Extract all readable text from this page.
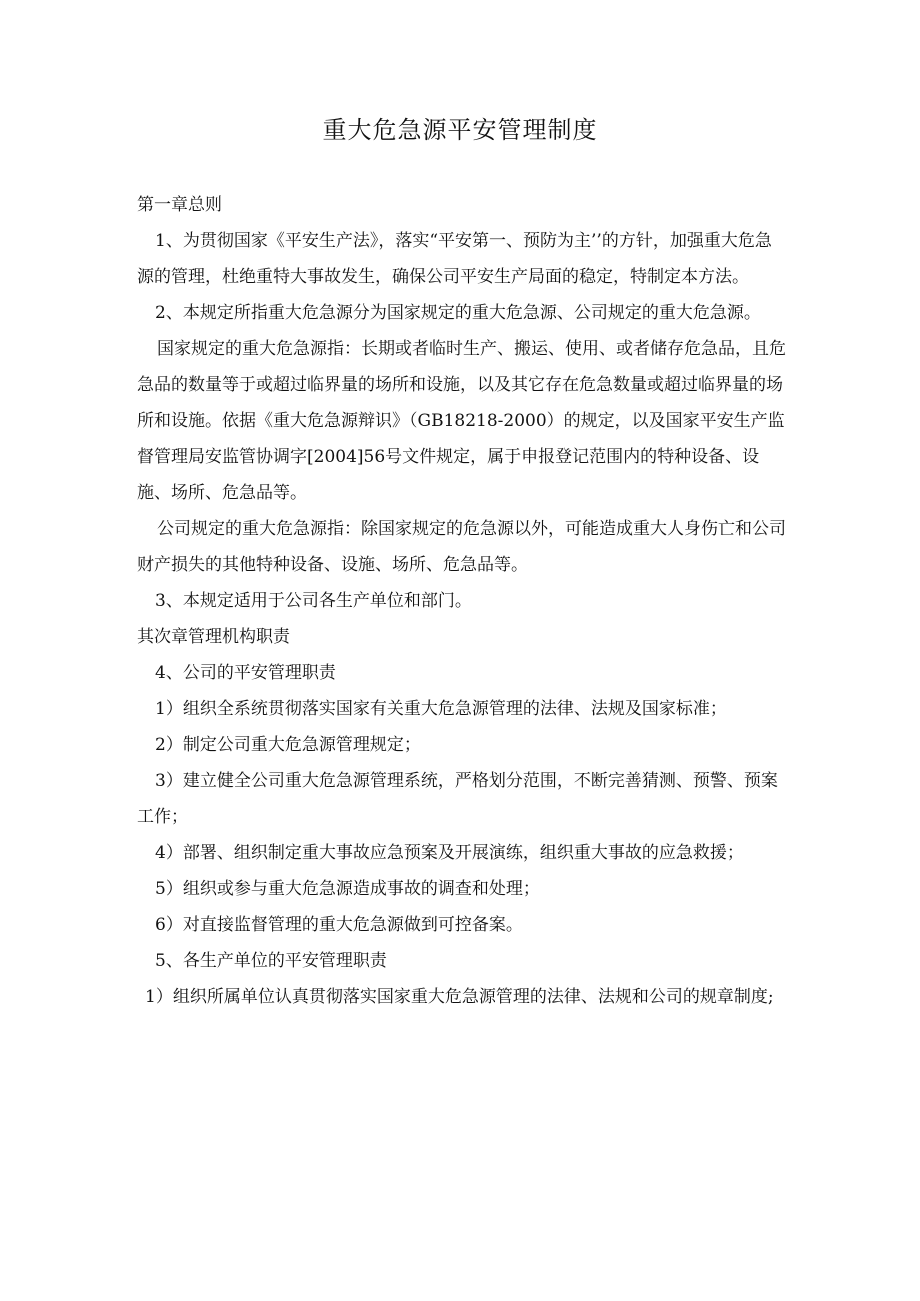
重大危急源平安管理制度

第一章总则

1、为贯彻国家《平安生产法》，落实“平安第一、预防为主’’的方针，加强重大危急源的管理，杜绝重特大事故发生，确保公司平安生产局面的稳定，特制定本方法。

2、本规定所指重大危急源分为国家规定的重大危急源、公司规定的重大危急源。

国家规定的重大危急源指：长期或者临时生产、搬运、使用、或者储存危急品，且危急品的数量等于或超过临界量的场所和设施，以及其它存在危急数量或超过临界量的场所和设施。依据《重大危急源辩识》（GB18218-2000）的规定，以及国家平安生产监督管理局安监管协调字[2004]56号文件规定，属于申报登记范围内的特种设备、设施、场所、危急品等。

公司规定的重大危急源指：除国家规定的危急源以外，可能造成重大人身伤亡和公司财产损失的其他特种设备、设施、场所、危急品等。

3、本规定适用于公司各生产单位和部门。

其次章管理机构职责

4、公司的平安管理职责

1）组织全系统贯彻落实国家有关重大危急源管理的法律、法规及国家标准；

2）制定公司重大危急源管理规定；

3）建立健全公司重大危急源管理系统，严格划分范围，不断完善猜测、预警、预案工作；

4）部署、组织制定重大事故应急预案及开展演练，组织重大事故的应急救援；

5）组织或参与重大危急源造成事故的调查和处理；

6）对直接监督管理的重大危急源做到可控备案。

5、各生产单位的平安管理职责

1）组织所属单位认真贯彻落实国家重大危急源管理的法律、法规和公司的规章制度;
